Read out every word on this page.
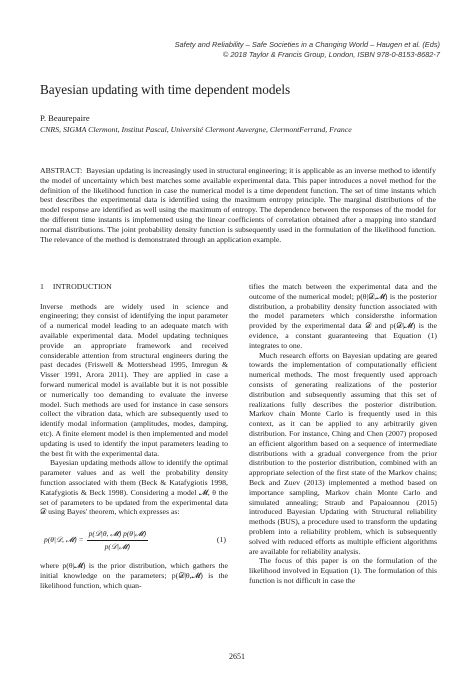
Safety and Reliability – Safe Societies in a Changing World – Haugen et al. (Eds)
© 2018 Taylor & Francis Group, London, ISBN 978-0-8153-8682-7
Bayesian updating with time dependent models
P. Beaurepaire
CNRS, SIGMA Clermont, Institut Pascal, Université Clermont Auvergne, ClermontFerrand, France
ABSTRACT: Bayesian updating is increasingly used in structural engineering; it is applicable as an inverse method to identify the model of uncertainty which best matches some available experimental data. This paper introduces a novel method for the definition of the likelihood function in case the numerical model is a time dependent function. The set of time instants which best describes the experimental data is identified using the maximum entropy principle. The marginal distributions of the model response are identified as well using the maximum of entropy. The dependence between the responses of the model for the different time instants is implemented using the linear coefficients of correlation obtained after a mapping into standard normal distributions. The joint probability density function is subsequently used in the formulation of the likelihood function. The relevance of the method is demonstrated through an application example.
1 INTRODUCTION

Inverse methods are widely used in science and engineering; they consist of identifying the input parameter of a numerical model leading to an adequate match with available experimental data. Model updating techniques provide an appropriate framework and received considerable attention from structural engineers during the past decades (Friswell & Mottershead 1995, Imregun & Visser 1991, Arora 2011). They are applied in case a forward numerical model is available but it is not possible or numerically too demanding to evaluate the inverse model. Such methods are used for instance in case sensors collect the vibration data, which are subsequently used to identify modal information (amplitudes, modes, damping, etc). A finite element model is then implemented and model updating is used to identify the input parameters leading to the best fit with the experimental data.

Bayesian updating methods allow to identify the optimal parameter values and as well the probability density function associated with them (Beck & Katafygiotis 1998, Katafygiotis & Beck 1998). Considering a model 𝓜, θ the set of parameters to be updated from the experimental data 𝒟 using Bayes' theorem, which expresses as:

p(θ|𝒟, 𝓜) = $\frac{\text{p(𝒟|θ, 𝓜) p(θ|𝓜)}}{\text{p(𝒟|𝓜)}}$	(1)

where p(θ|𝓜) is the prior distribution, which gathers the initial knowledge on the parameters; p(𝒟|θ,𝓜) is the likelihood function, which quan-

tifies the match between the experimental data and the outcome of the numerical model; p(θ|𝒟,𝓜) is the posterior distribution, a probability density function associated with the model parameters which considersthe information provided by the experimental data 𝒟 and p(𝒟|𝓜) is the evidence, a constant guaranteeing that Equation (1) integrates to one.

Much research efforts on Bayesian updating are geared towards the implementation of computationally efficient numerical methods. The most frequently used approach consists of generating realizations of the posterior distribution and subsequently assuming that this set of realizations fully describes the posterior distribution. Markov chain Monte Carlo is frequently used in this context, as it can be applied to any arbitrarily given distribution. For instance, Ching and Chen (2007) proposed an efficient algorithm based on a sequence of intermediate distributions with a gradual convergence from the prior distribution to the posterior distribution, combined with an appropriate selection of the first state of the Markov chains; Beck and Zuev (2013) implemented a method based on importance sampling, Markov chain Monte Carlo and simulated annealing; Straub and Papaioannou (2015) introduced Bayesian Updating with Structural reliability methods (BUS), a procedure used to transform the updating problem into a reliability problem, which is subsequently solved with reduced efforts as multiple efficient algorithms are available for reliability analysis.

The focus of this paper is on the formulation of the likelihood involved in Equation (1). The formulation of this function is not difficult in case the

2651
